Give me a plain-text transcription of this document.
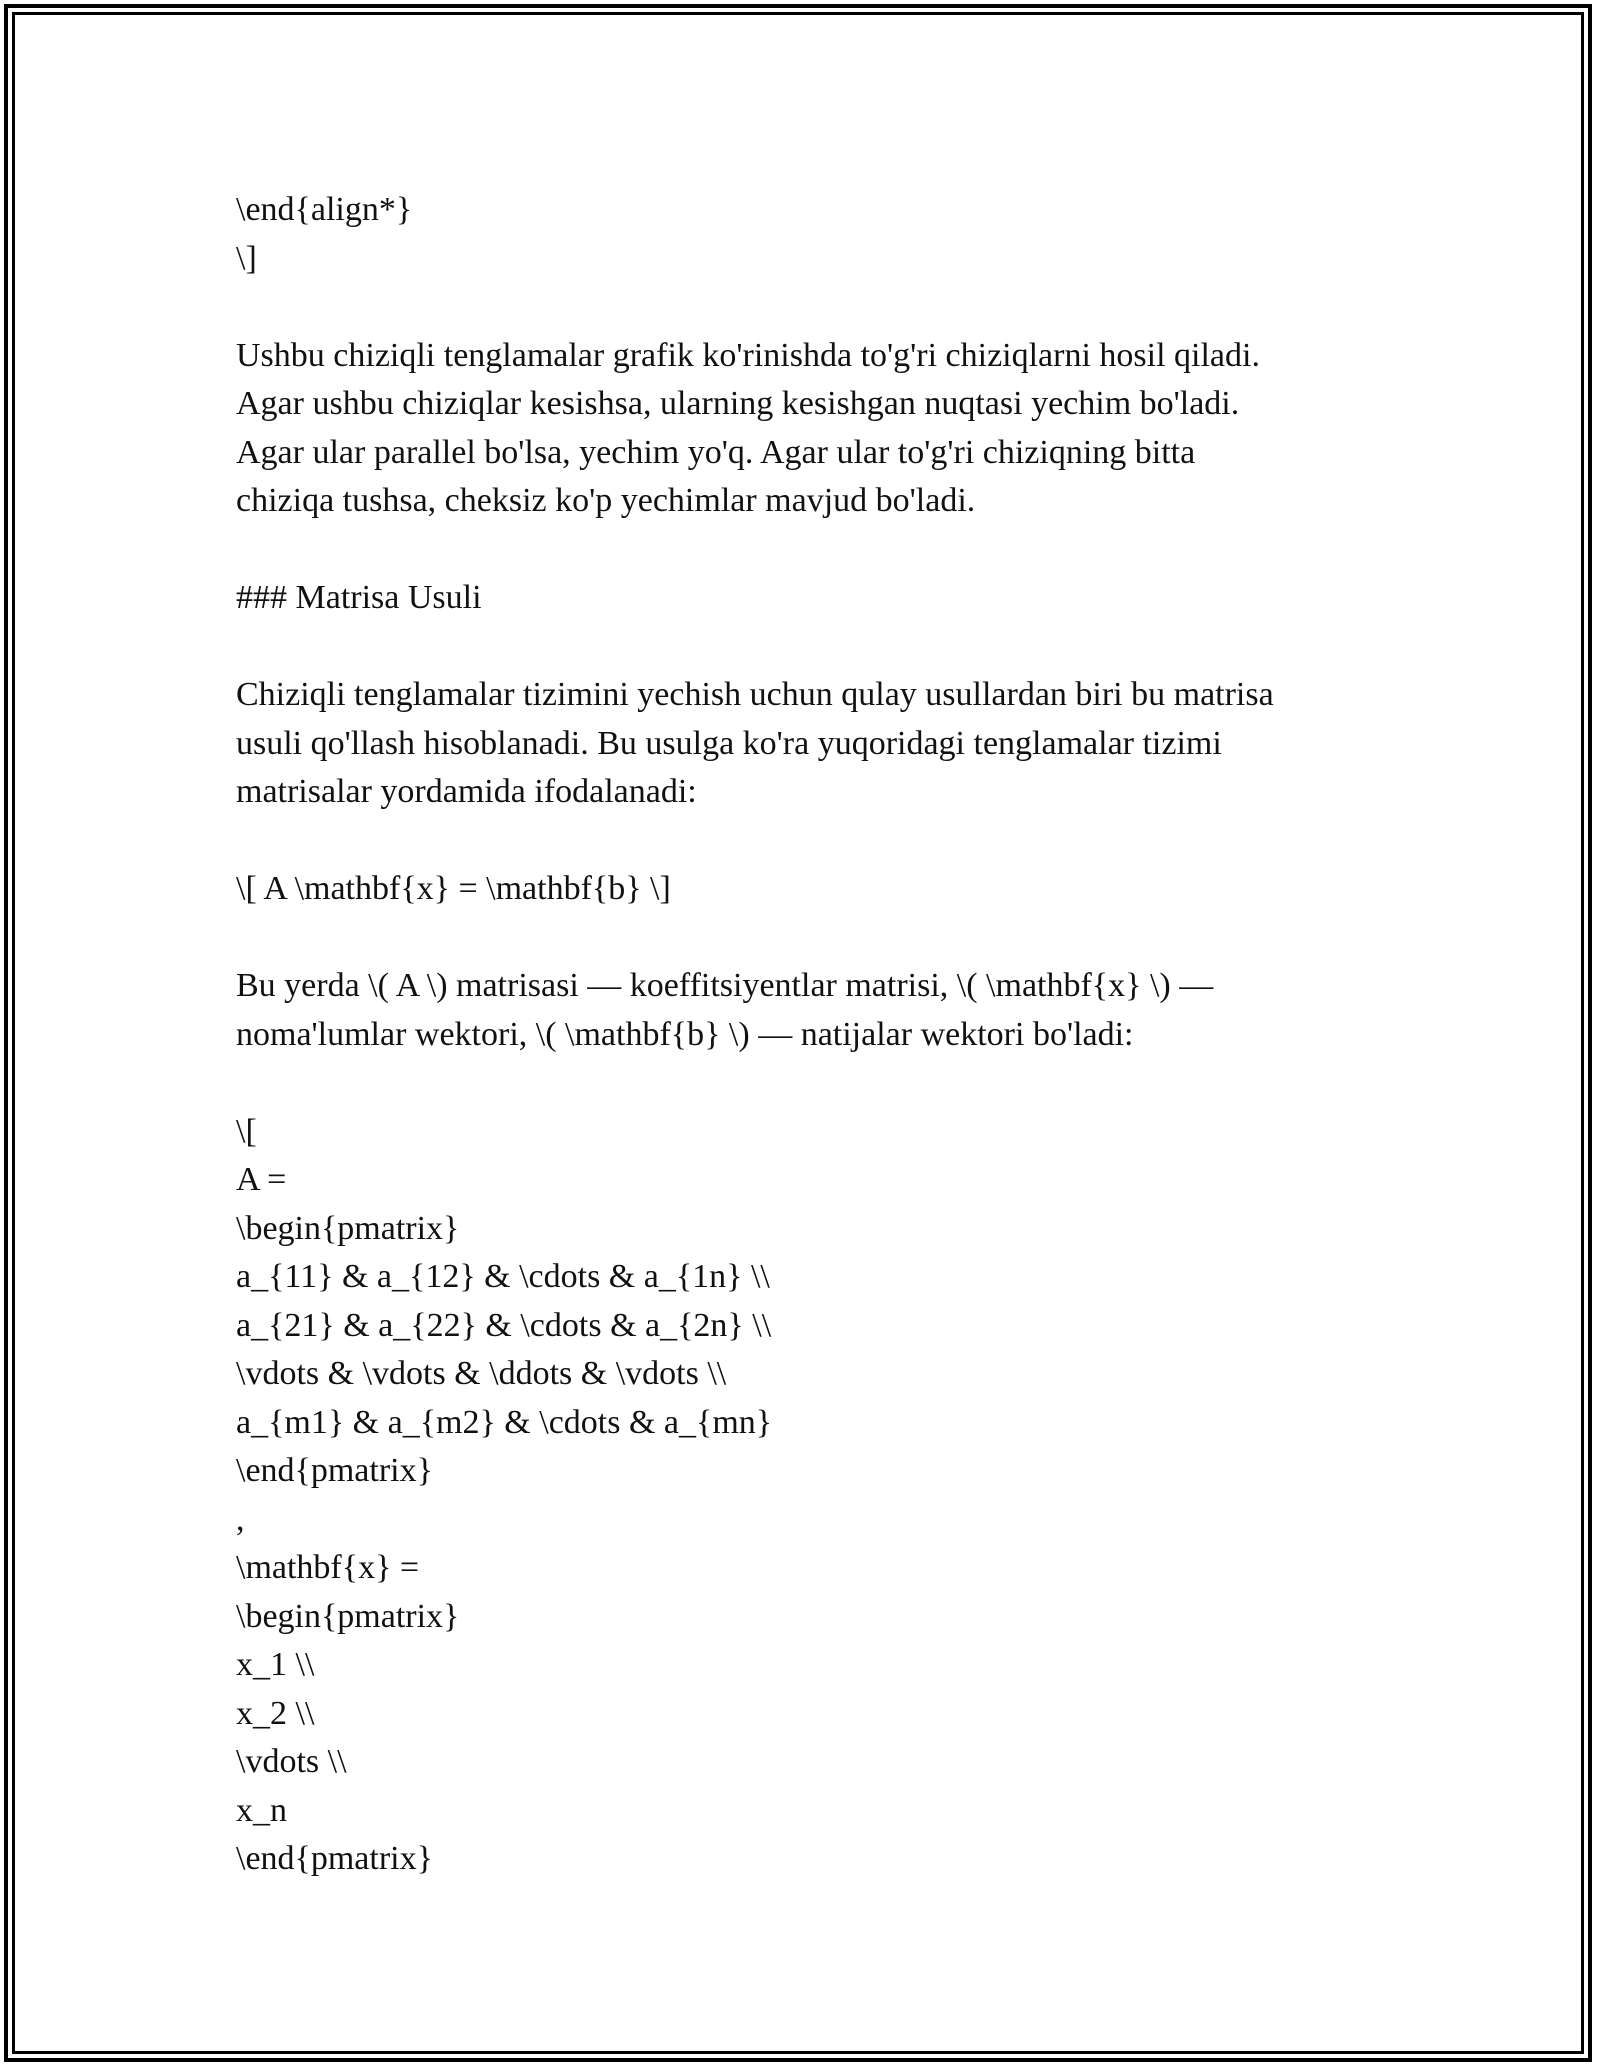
\end{align*}
\]
Ushbu chiziqli tenglamalar grafik ko'rinishda to'g'ri chiziqlarni hosil qiladi.
Agar ushbu chiziqlar kesishsa, ularning kesishgan nuqtasi yechim bo'ladi.
Agar ular parallel bo'lsa, yechim yo'q. Agar ular to'g'ri chiziqning bitta
chiziqa tushsa, cheksiz ko'p yechimlar mavjud bo'ladi.
### Matrisa Usuli
Chiziqli tenglamalar tizimini yechish uchun qulay usullardan biri bu matrisa
usuli qo'llash hisoblanadi. Bu usulga ko'ra yuqoridagi tenglamalar tizimi
matrisalar yordamida ifodalanadi:
\[ A \mathbf{x} = \mathbf{b} \]
Bu yerda \( A \) matrisasi — koeffitsiyentlar matrisi, \( \mathbf{x} \) —
noma'lumlar wektori, \( \mathbf{b} \) — natijalar wektori bo'ladi:
\[
A =
\begin{pmatrix}
a_{11} & a_{12} & \cdots & a_{1n} \\
a_{21} & a_{22} & \cdots & a_{2n} \\
\vdots & \vdots & \ddots & \vdots \\
a_{m1} & a_{m2} & \cdots & a_{mn}
\end{pmatrix}
,
\mathbf{x} =
\begin{pmatrix}
x_1 \\
x_2 \\
\vdots \\
x_n
\end{pmatrix}
